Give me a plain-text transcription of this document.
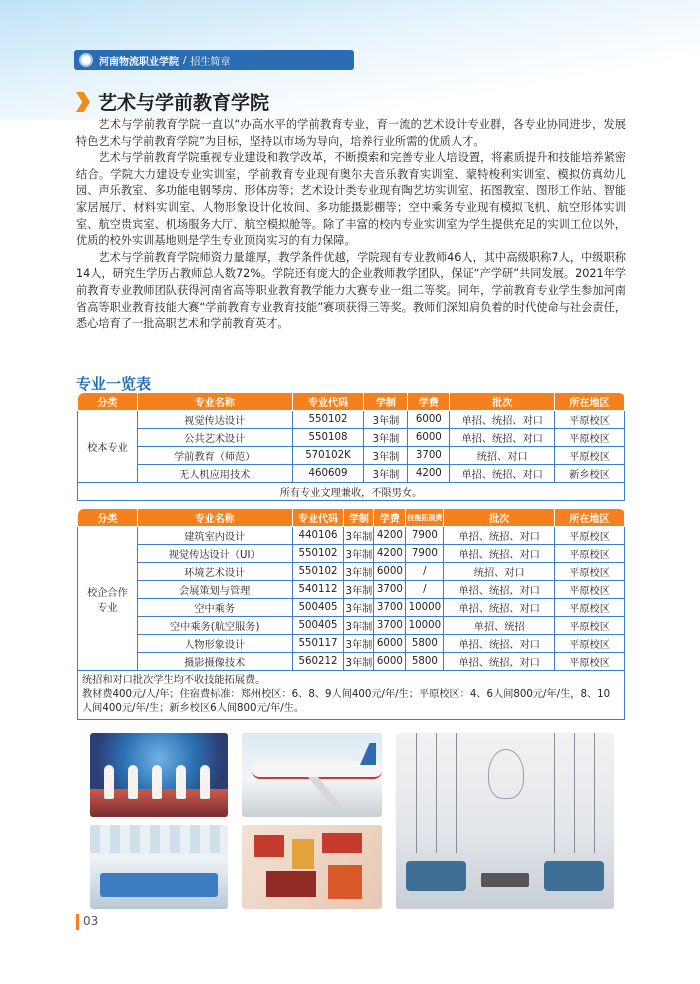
河南物流职业学院 / 招生简章
艺术与学前教育学院

艺术与学前教育学院一直以“办高水平的学前教育专业，育一流的艺术设计专业群，各专业协同进步，发展特色艺术与学前教育学院”为目标，坚持以市场为导向，培养行业所需的优质人才。

艺术与学前教育学院重视专业建设和教学改革，不断摸索和完善专业人培设置，将素质提升和技能培养紧密结合。学院大力建设专业实训室，学前教育专业现有奥尔夫音乐教育实训室、蒙特梭利实训室、模拟仿真幼儿园、声乐教室、多功能电钢琴房、形体房等；艺术设计类专业现有陶艺坊实训室、拓图教室、图形工作站、智能家居展厅、材料实训室、人物形象设计化妆间、多功能摄影棚等；空中乘务专业现有模拟飞机、航空形体实训室、航空贵宾室、机场服务大厅、航空模拟舱等。除了丰富的校内专业实训室为学生提供充足的实训工位以外，优质的校外实训基地则是学生专业顶岗实习的有力保障。

艺术与学前教育学院师资力量雄厚，教学条件优越，学院现有专业教师46人，其中高级职称7人，中级职称14人，研究生学历占教师总人数72%。学院还有庞大的企业教师教学团队，保证“产学研”共同发展。2021年学前教育专业教师团队获得河南省高等职业教育教学能力大赛专业一组二等奖。同年，学前教育专业学生参加河南省高等职业教育技能大赛“学前教育专业教育技能”赛项获得三等奖。教师们深知肩负着的时代使命与社会责任，悉心培育了一批高职艺术和学前教育英才。

专业一览表
分类	专业名称	专业代码	学制	学费	批次	所在地区
校本专业	视觉传达设计	550102	3年制	6000	单招、统招、对口	平原校区
	公共艺术设计	550108	3年制	6000	单招、统招、对口	平原校区
	学前教育（师范）	570102K	3年制	3700	统招、对口	平原校区
	无人机应用技术	460609	3年制	4200	单招、统招、对口	新乡校区
所有专业文理兼收，不限男女。						
分类	专业名称	专业代码	学制	学费	技能拓展费	批次	所在地区
校企合作专业	建筑室内设计	440106	3年制	4200	7900	单招、统招、对口	平原校区
	视觉传达设计（UI）	550102	3年制	4200	7900	单招、统招、对口	平原校区
	环境艺术设计	550102	3年制	6000	/	统招、对口	平原校区
	会展策划与管理	540112	3年制	3700	/	单招、统招、对口	平原校区
	空中乘务	500405	3年制	3700	10000	单招、统招、对口	平原校区
	空中乘务(航空服务)	500405	3年制	3700	10000	单招、统招	平原校区
	人物形象设计	550117	3年制	6000	5800	单招、统招、对口	平原校区
	摄影摄像技术	560212	3年制	6000	5800	单招、统招、对口	平原校区

统招和对口批次学生均不收技能拓展费。
教材费400元/人/年；住宿费标准：郑州校区：6、8、9人间400元/年/生；平原校区：4、6人间800元/年/生，8、10人间400元/年/生；新乡校区6人间800元/年/生。							
03
